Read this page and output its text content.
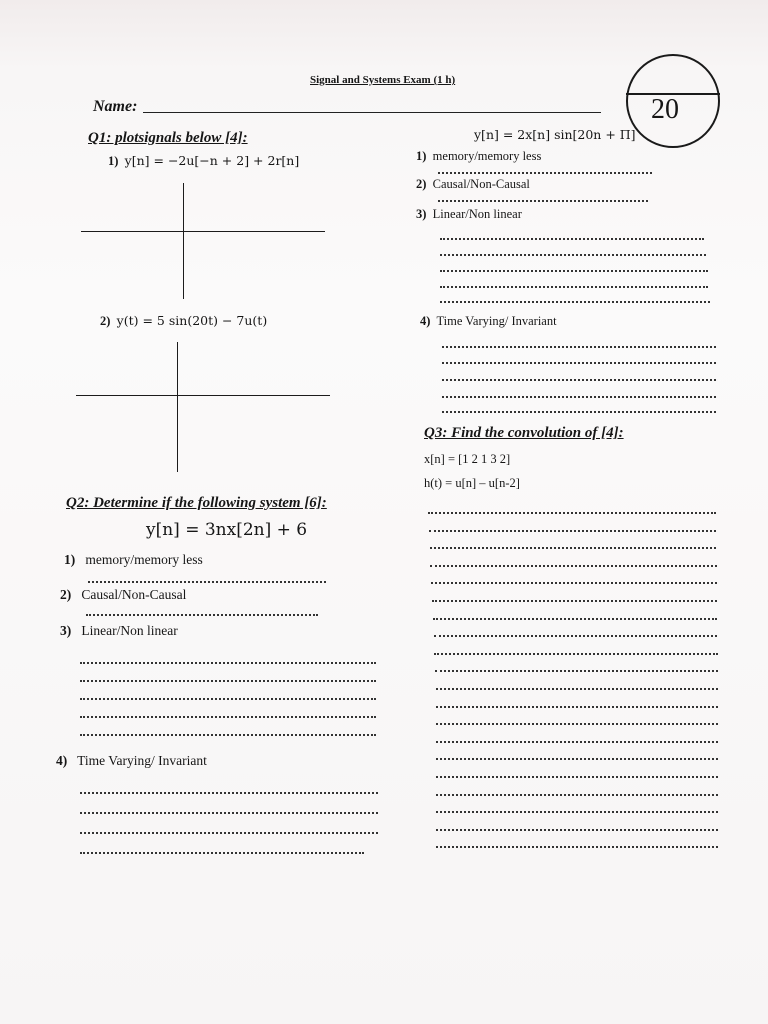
Signal and Systems Exam (1 h)
Name:	20
Q1: plotsignals below [4]:
1) y[n] = −2u[−n + 2] + 2r[n]
2) y(t) = 5 sin(20t) − 7u(t)
y[n] = 2x[n] sin[20n + Π]
1) memory/memory less
2) Causal/Non-Causal
3) Linear/Non linear
4) Time Varying/ Invariant
Q3: Find the convolution of [4]:
x[n] = [1 2 1 3 2]
h(t) = u[n] – u[n-2]
Q2: Determine if the following system [6]:
y[n] = 3nx[2n] + 6
1) memory/memory less
2) Causal/Non-Causal
3) Linear/Non linear
4) Time Varying/ Invariant
